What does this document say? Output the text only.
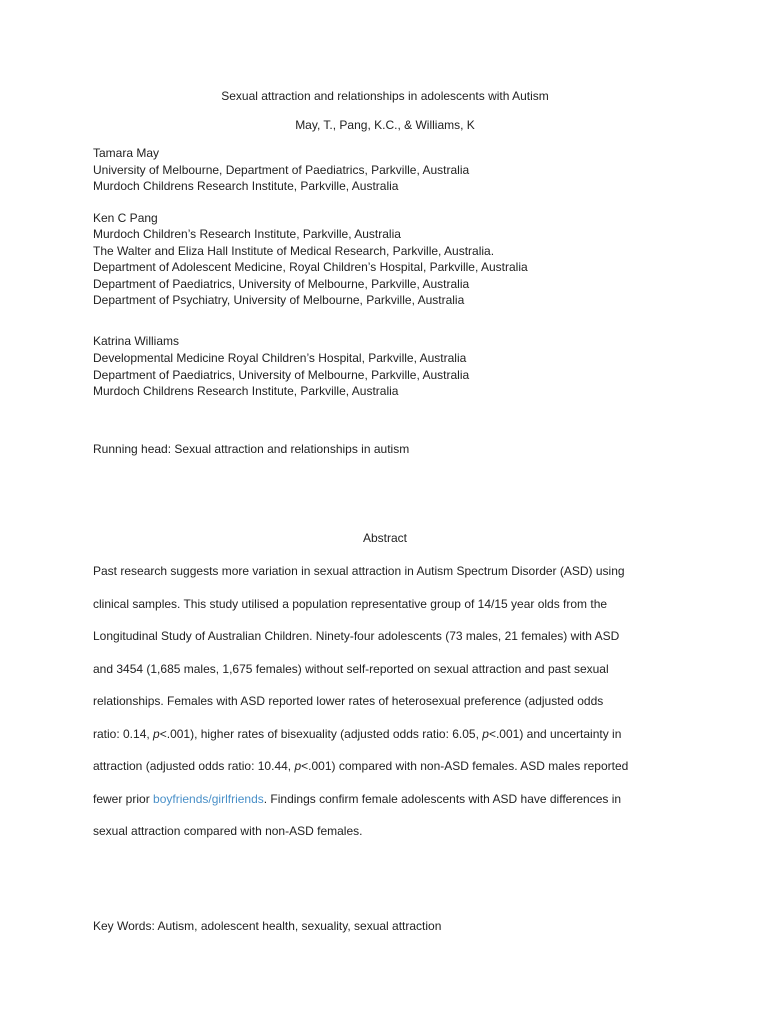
Sexual attraction and relationships in adolescents with Autism
May, T., Pang, K.C., & Williams, K
Tamara May
University of Melbourne, Department of Paediatrics, Parkville, Australia
Murdoch Childrens Research Institute, Parkville, Australia
Ken C Pang
Murdoch Children’s Research Institute, Parkville, Australia
The Walter and Eliza Hall Institute of Medical Research, Parkville, Australia.
Department of Adolescent Medicine, Royal Children’s Hospital, Parkville, Australia
Department of Paediatrics, University of Melbourne, Parkville, Australia
Department of Psychiatry, University of Melbourne, Parkville, Australia
Katrina Williams
Developmental Medicine Royal Children’s Hospital, Parkville, Australia
Department of Paediatrics, University of Melbourne, Parkville, Australia
Murdoch Childrens Research Institute, Parkville, Australia
Running head: Sexual attraction and relationships in autism
Abstract
Past research suggests more variation in sexual attraction in Autism Spectrum Disorder (ASD) using
clinical samples. This study utilised a population representative group of 14/15 year olds from the
Longitudinal Study of Australian Children. Ninety-four adolescents (73 males, 21 females) with ASD
and 3454 (1,685 males, 1,675 females) without self-reported on sexual attraction and past sexual
relationships. Females with ASD reported lower rates of heterosexual preference (adjusted odds
ratio: 0.14, p<.001), higher rates of bisexuality (adjusted odds ratio: 6.05, p<.001) and uncertainty in
attraction (adjusted odds ratio: 10.44, p<.001) compared with non-ASD females. ASD males reported
fewer prior boyfriends/girlfriends. Findings confirm female adolescents with ASD have differences in
sexual attraction compared with non-ASD females.
Key Words: Autism, adolescent health, sexuality, sexual attraction
